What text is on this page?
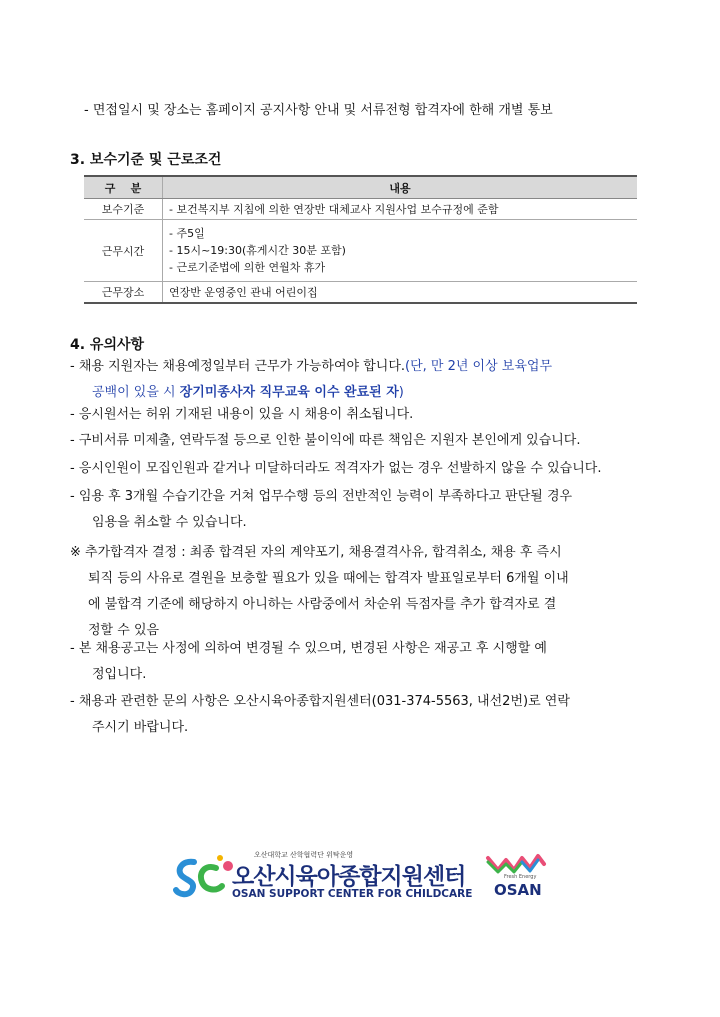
- 면접일시 및 장소는 홈페이지 공지사항 안내 및 서류전형 합격자에 한해 개별 통보
3. 보수기준 및 근로조건
구    분	내용
보수기준	- 보건복지부 지침에 의한 연장반 대체교사 지원사업 보수규정에 준함
근무시간	- 주5일
- 15시~19:30(휴게시간 30분 포함)
- 근로기준법에 의한 연월차 휴가

근무장소	연장반 운영중인 관내 어린이집
4. 유의사항
- 채용 지원자는 채용예정일부터 근무가 가능하여야 합니다.(단, 만 2년 이상 보육업무
공백이 있을 시 장기미종사자 직무교육 이수 완료된 자)
- 응시원서는 허위 기재된 내용이 있을 시 채용이 취소됩니다.
- 구비서류 미제출, 연락두절 등으로 인한 불이익에 따른 책임은 지원자 본인에게 있습니다.
- 응시인원이 모집인원과 같거나 미달하더라도 적격자가 없는 경우 선발하지 않을 수 있습니다.
- 임용 후 3개월 수습기간을 거쳐 업무수행 등의 전반적인 능력이 부족하다고 판단될 경우
임용을 취소할 수 있습니다.
※ 추가합격자 결정 : 최종 합격된 자의 계약포기, 채용결격사유, 합격취소, 채용 후 즉시
퇴직 등의 사유로 결원을 보충할 필요가 있을 때에는 합격자 발표일로부터 6개월 이내
에 불합격 기준에 해당하지 아니하는 사람중에서 차순위 득점자를 추가 합격자로 결
정할 수 있음
- 본 채용공고는 사정에 의하여 변경될 수 있으며, 변경된 사항은 재공고 후 시행할 예
정입니다.
- 채용과 관련한 문의 사항은 오산시육아종합지원센터(031-374-5563, 내선2번)로 연락
주시기 바랍니다.
오산대학교 산학협력단 위탁운영
오산시육아종합지원센터
OSAN SUPPORT CENTER FOR CHILDCARE
Fresh Energy
OSAN
